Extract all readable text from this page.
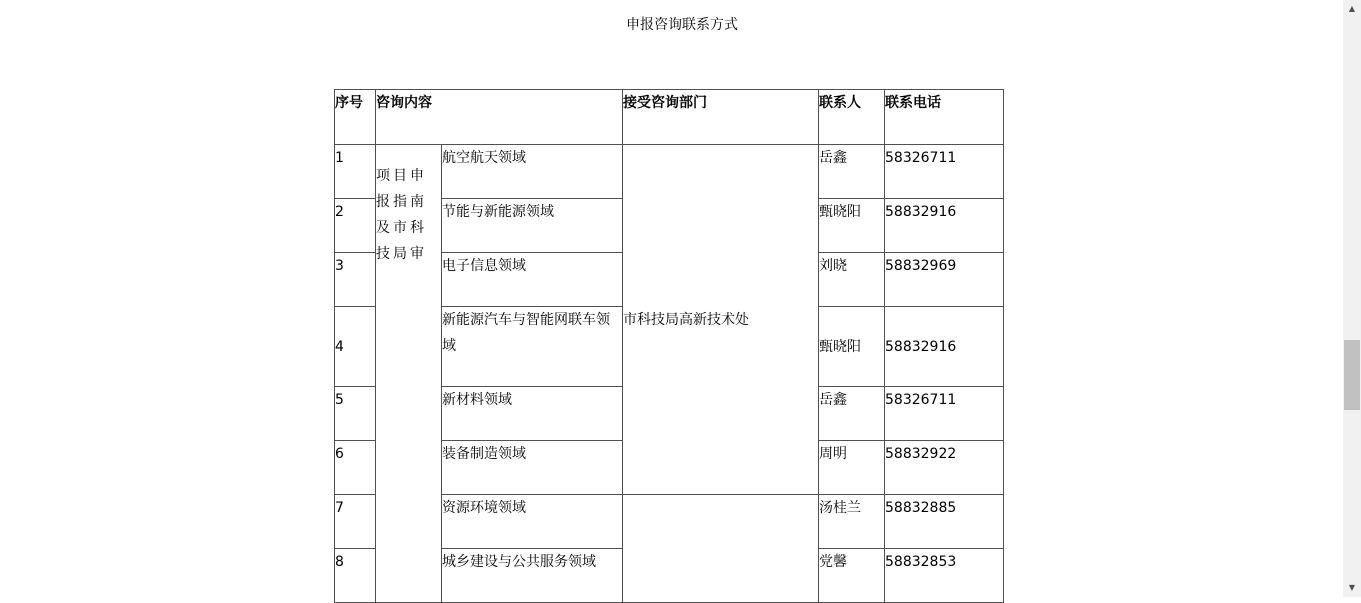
申报咨询联系方式
序号	咨询内容		接受咨询部门	联系人	联系电话
1	项目申报指南及市科技局审	航空航天领域	市科技局高新技术处	岳鑫	58326711
2		节能与新能源领域		甄晓阳	58832916
3		电子信息领域		刘晓	58832969
4		新能源汽车与智能网联车领域		甄晓阳	58832916
5		新材料领域		岳鑫	58326711
6		装备制造领域		周明	58832922
7		资源环境领域		汤桂兰	58832885
8		城乡建设与公共服务领域		党馨	58832853
▲
▼
